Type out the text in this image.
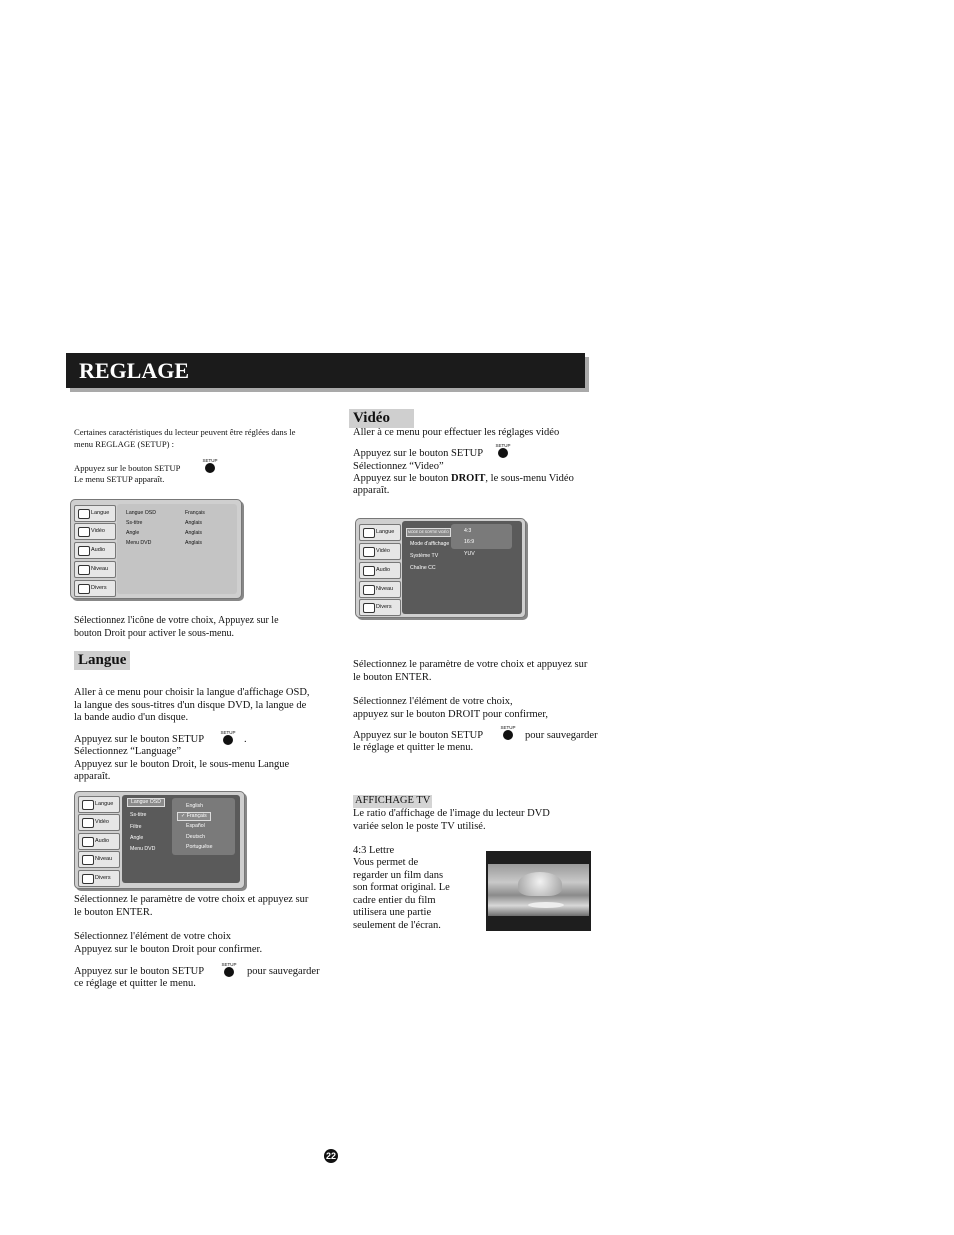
REGLAGE
Certaines caractéristiques du lecteur peuvent être réglées dans le
menu REGLAGE (SETUP) :
Appuyez sur le bouton SETUP
SETUP
Le menu SETUP apparaît.
Langue
Vidéo
Audio
Niveau
Divers
Langue OSD
Ss-titre
Angle
Menu DVD
Français
Anglais
Anglais
Anglais
Sélectionnez l'icône de votre choix, Appuyez sur le
bouton Droit pour activer le sous-menu.
Langue
Aller à ce menu pour choisir la langue d'affichage OSD,
la langue des sous-titres d'un disque DVD, la langue de
la bande audio d'un disque.
Appuyez sur le bouton SETUP
SETUP
.
Sélectionnez “Language”
Appuyez sur le bouton Droit, le sous-menu Langue
apparaît.
Langue
Vidéo
Audio
Niveau
Divers
Langue OSD
Ss-titre
Filtre
Angle
Menu DVD
English
✓ Français
Español
Deutsch
Portuguêse
Sélectionnez le paramètre de votre choix et appuyez sur
le bouton ENTER.
Sélectionnez l'élément de votre choix
Appuyez sur le bouton Droit pour confirmer.
Appuyez sur le bouton SETUP
SETUP
pour sauvegarder
ce réglage et quitter le menu.
Vidéo
Aller à ce menu pour effectuer les réglages vidéo
Appuyez sur le bouton SETUP
SETUP
Sélectionnez “Video”
Appuyez sur le bouton DROIT, le sous-menu Vidéo
apparaît.
Langue
Vidéo
Audio
Niveau
Divers
MODE DE SORTIE VIDÉO
Mode d'affichage
Système TV
Chaîne CC
4:3
16:9
YUV
Sélectionnez le paramètre de votre choix et appuyez sur
le bouton ENTER.
Sélectionnez l'élément de votre choix,
appuyez sur le bouton DROIT pour confirmer,
Appuyez sur le bouton SETUP
SETUP
pour sauvegarder
le réglage et quitter le menu.
AFFICHAGE TV
Le ratio d'affichage de l'image du lecteur DVD
variée selon le poste TV utilisé.
4:3 Lettre
Vous permet de
regarder un film dans
son format original. Le
cadre entier du film
utilisera une partie
seulement de l'écran.
22
